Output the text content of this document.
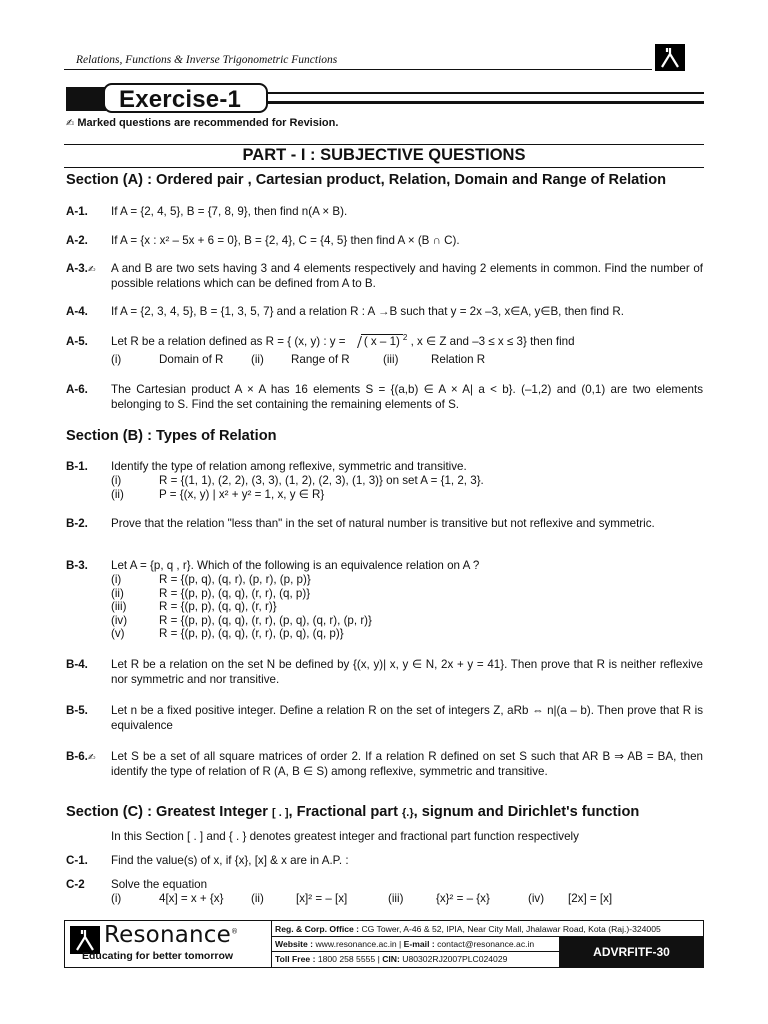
Relations, Functions & Inverse Trigonometric Functions
Exercise-1
✍ Marked questions are recommended for Revision.
PART - I : SUBJECTIVE QUESTIONS
Section (A) : Ordered pair , Cartesian product, Relation, Domain and Range of Relation
A-1.	If A = {2, 4, 5}, B = {7, 8, 9}, then find n(A × B).
A-2.	If A = {x : x² – 5x + 6 = 0}, B = {2, 4}, C = {4, 5} then find A × (B ∩ C).
A-3.✍	A and B are two sets having 3 and 4 elements respectively and having 2 elements in common. Find the number of possible relations which can be defined from A to B.
A-4.	If A = {2, 3, 4, 5}, B = {1, 3, 5, 7} and a relation R : A →B such that y = 2x –3, x∈A, y∈B, then find R.
A-5.	Let R be a relation defined as R = { (x, y) : y = ( x – 1) $^2$ , x ∈ Z and –3 ≤ x ≤ 3} then find
(i)	Domain of R	(ii)	Range of R	(iii)	Relation R
A-6.	The Cartesian product A × A has 16 elements S = {(a,b) ∈ A × A| a < b}. (–1,2) and (0,1) are two elements belonging to S. Find the set containing the remaining elements of S.
Section (B) : Types of Relation
B-1.	Identify the type of relation among reflexive, symmetric and transitive.
(i)	R = {(1, 1), (2, 2), (3, 3), (1, 2), (2, 3), (1, 3)} on set A = {1, 2, 3}.
(ii)	P = {(x, y) | x² + y² = 1, x, y ∈ R}
B-2.	Prove that the relation "less than" in the set of natural number is transitive but not reflexive and symmetric.
B-3.	Let A = {p, q , r}. Which of the following is an equivalence relation on A ?
(i)	R = {(p, q), (q, r), (p, r), (p, p)}
(ii)	R = {(p, p), (q, q), (r, r), (q, p)}
(iii)	R = {(p, p), (q, q), (r, r)}
(iv)	R = {(p, p), (q, q), (r, r), (p, q), (q, r), (p, r)}
(v)	R = {(p, p), (q, q), (r, r), (p, q), (q, p)}
B-4.	Let R be a relation on the set N be defined by {(x, y)| x, y ∈ N, 2x + y = 41}. Then prove that R is neither reflexive nor symmetric and nor transitive.
B-5.	Let n be a fixed positive integer. Define a relation R on the set of integers Z, aRb ⇔ n|(a – b). Then prove that R is equivalence
B-6.✍	Let S be a set of all square matrices of order 2. If a relation R defined on set S such that AR B ⇒ AB = BA, then identify the type of relation of R (A, B ∈ S) among reflexive, symmetric and transitive.
Section (C) : Greatest Integer [ . ], Fractional part {.}, signum and Dirichlet's function
In this Section [ . ] and { . } denotes greatest integer and fractional part function respectively
C-1.	Find the value(s) of x, if {x}, [x] & x are in A.P. :
C-2	Solve the equation
(i)	4[x] = x + {x}	(ii)	[x]² = – [x]	(iii)	{x}² = – {x}	(iv)	[2x] = [x]
Resonance®
Educating for better tomorrow
Reg. & Corp. Office : CG Tower, A-46 & 52, IPIA, Near City Mall, Jhalawar Road, Kota (Raj.)-324005
Website : www.resonance.ac.in | E-mail : contact@resonance.ac.in
Toll Free : 1800 258 5555 | CIN: U80302RJ2007PLC024029	ADVRFITF-30
